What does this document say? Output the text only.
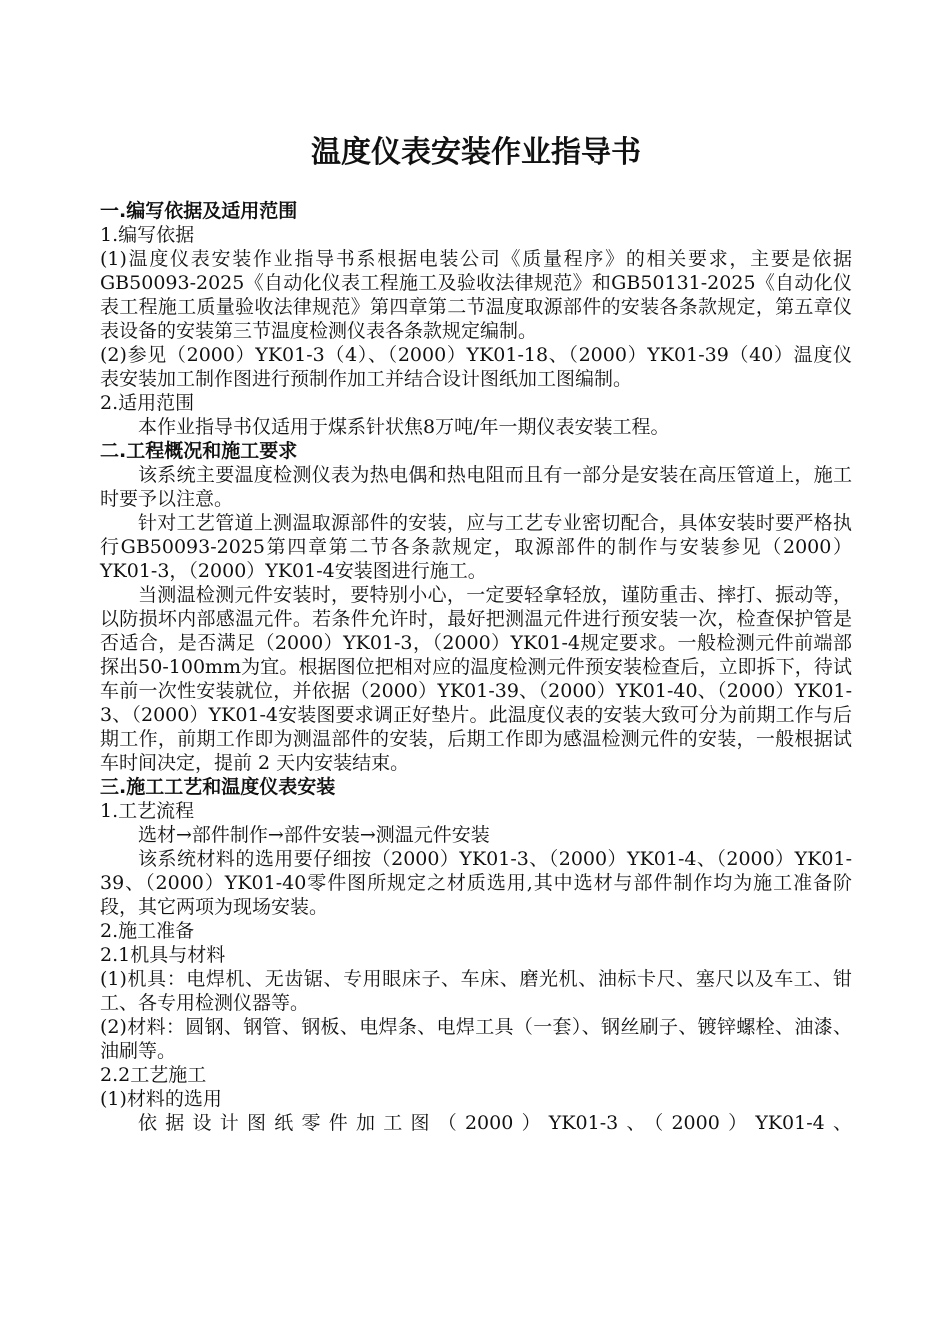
温度仪表安装作业指导书
一.编写依据及适用范围

1.编写依据

(1)温度仪表安装作业指导书系根据电装公司《质量程序》的相关要求，主要是依据GB50093-2025《自动化仪表工程施工及验收法律规范》和GB50131-2025《自动化仪表工程施工质量验收法律规范》第四章第二节温度取源部件的安装各条款规定，第五章仪表设备的安装第三节温度检测仪表各条款规定编制。

(2)参见（2000）YK01-3（4）、（2000）YK01-18、（2000）YK01-39（40）温度仪表安装加工制作图进行预制作加工并结合设计图纸加工图编制。

2.适用范围

本作业指导书仅适用于煤系针状焦8万吨/年一期仪表安装工程。

二.工程概况和施工要求

该系统主要温度检测仪表为热电偶和热电阻而且有一部分是安装在高压管道上，施工时要予以注意。

针对工艺管道上测温取源部件的安装，应与工艺专业密切配合，具体安装时要严格执行GB50093-2025第四章第二节各条款规定，取源部件的制作与安装参见（2000）YK01-3，（2000）YK01-4安装图进行施工。

当测温检测元件安装时，要特别小心，一定要轻拿轻放，谨防重击、摔打、振动等，以防损坏内部感温元件。若条件允许时，最好把测温元件进行预安装一次，检查保护管是否适合，是否满足（2000）YK01-3，（2000）YK01-4规定要求。一般检测元件前端部探出50-100mm为宜。根据图位把相对应的温度检测元件预安装检查后，立即拆下，待试车前一次性安装就位，并依据（2000）YK01-39、（2000）YK01-40、（2000）YK01-3、（2000）YK01-4安装图要求调正好垫片。此温度仪表的安装大致可分为前期工作与后期工作，前期工作即为测温部件的安装，后期工作即为感温检测元件的安装，一般根据试车时间决定，提前 2 天内安装结束。

三.施工工艺和温度仪表安装

1.工艺流程

选材→部件制作→部件安装→测温元件安装

该系统材料的选用要仔细按（2000）YK01-3、（2000）YK01-4、（2000）YK01-39、（2000）YK01-40零件图所规定之材质选用,其中选材与部件制作均为施工准备阶段，其它两项为现场安装。

2.施工准备

2.1机具与材料

(1)机具：电焊机、无齿锯、专用眼床子、车床、磨光机、油标卡尺、塞尺以及车工、钳工、各专用检测仪器等。

(2)材料：圆钢、钢管、钢板、电焊条、电焊工具（一套）、钢丝刷子、镀锌螺栓、油漆、油刷等。

2.2工艺施工

(1)材料的选用

依据设计图纸零件加工图（2000）YK01-3、（2000）YK01-4、
